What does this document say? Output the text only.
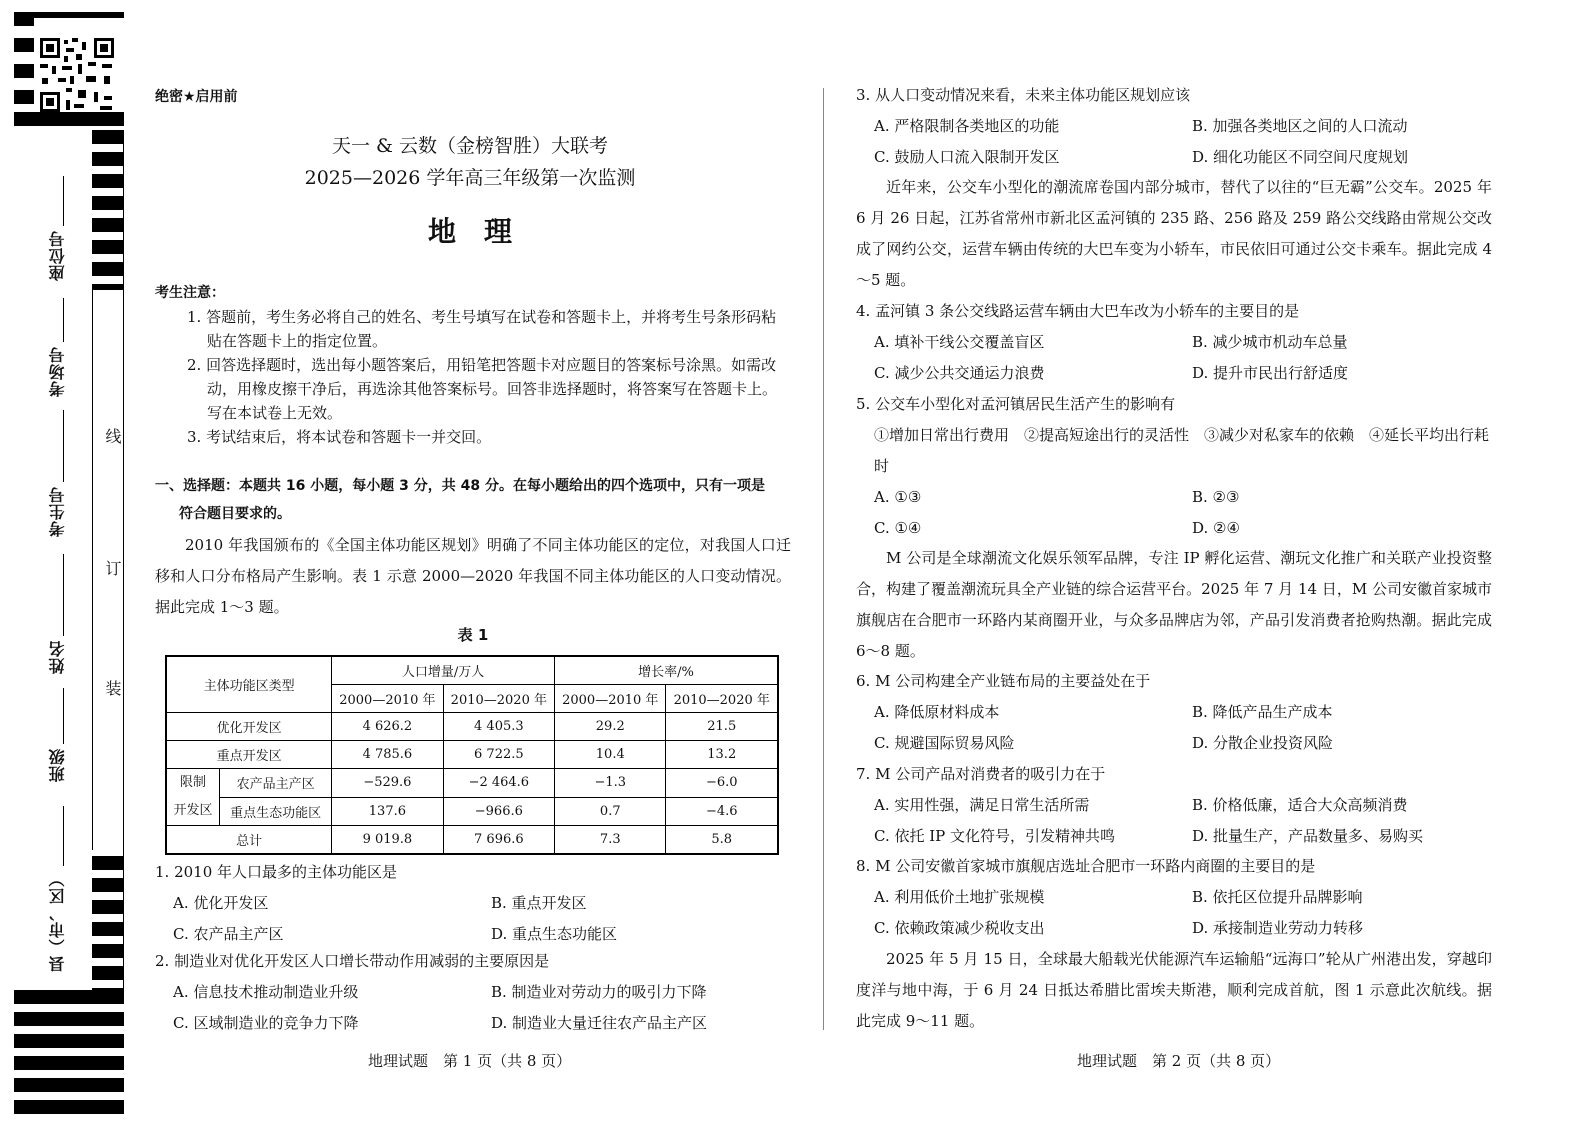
座位号
考场号
考生号
姓名
班级
县（市、区）
线
订
装
绝密★启用前
天一 & 云数（金榜智胜）大联考
2025—2026 学年高三年级第一次监测
地　理
考生注意：

1. 答题前，考生务必将自己的姓名、考生号填写在试卷和答题卡上，并将考生号条形码粘贴在答题卡上的指定位置。

2. 回答选择题时，选出每小题答案后，用铅笔把答题卡对应题目的答案标号涂黑。如需改动，用橡皮擦干净后，再选涂其他答案标号。回答非选择题时，将答案写在答题卡上。写在本试卷上无效。

3. 考试结束后，将本试卷和答题卡一并交回。

一、选择题：本题共 16 小题，每小题 3 分，共 48 分。在每小题给出的四个选项中，只有一项是
符合题目要求的。

2010 年我国颁布的《全国主体功能区规划》明确了不同主体功能区的定位，对我国人口迁移和人口分布格局产生影响。表 1 示意 2000—2020 年我国不同主体功能区的人口变动情况。据此完成 1～3 题。

表 1
主体功能区类型		人口增量/万人		增长率/%	
		2000—2010 年	2010—2020 年	2000—2010 年	2010—2020 年
优化开发区		4 626.2	4 405.3	29.2	21.5
重点开发区		4 785.6	6 722.5	10.4	13.2
限制
开发区	农产品主产区	−529.6	−2 464.6	−1.3	−6.0
	重点生态功能区	137.6	−966.6	0.7	−4.6
总计		9 019.8	7 696.6	7.3	5.8

1. 2010 年人口最多的主体功能区是

A. 优化开发区	B. 重点开发区
C. 农产品主产区	D. 重点生态功能区

2. 制造业对优化开发区人口增长带动作用减弱的主要原因是

A. 信息技术推动制造业升级	B. 制造业对劳动力的吸引力下降
C. 区域制造业的竞争力下降	D. 制造业大量迁往农产品主产区
地理试题　第 1 页（共 8 页）

3. 从人口变动情况来看，未来主体功能区规划应该

A. 严格限制各类地区的功能	B. 加强各类地区之间的人口流动
C. 鼓励人口流入限制开发区	D. 细化功能区不同空间尺度规划

近年来，公交车小型化的潮流席卷国内部分城市，替代了以往的“巨无霸”公交车。2025 年 6 月 26 日起，江苏省常州市新北区孟河镇的 235 路、256 路及 259 路公交线路由常规公交改成了网约公交，运营车辆由传统的大巴车变为小轿车，市民依旧可通过公交卡乘车。据此完成 4～5 题。

4. 孟河镇 3 条公交线路运营车辆由大巴车改为小轿车的主要目的是

A. 填补干线公交覆盖盲区	B. 减少城市机动车总量
C. 减少公共交通运力浪费	D. 提升市民出行舒适度

5. 公交车小型化对孟河镇居民生活产生的影响有

①增加日常出行费用　②提高短途出行的灵活性　③减少对私家车的依赖　④延长平均出行耗时

A. ①③	B. ②③
C. ①④	D. ②④

M 公司是全球潮流文化娱乐领军品牌，专注 IP 孵化运营、潮玩文化推广和关联产业投资整合，构建了覆盖潮流玩具全产业链的综合运营平台。2025 年 7 月 14 日，M 公司安徽首家城市旗舰店在合肥市一环路内某商圈开业，与众多品牌店为邻，产品引发消费者抢购热潮。据此完成 6～8 题。

6. M 公司构建全产业链布局的主要益处在于

A. 降低原材料成本	B. 降低产品生产成本
C. 规避国际贸易风险	D. 分散企业投资风险

7. M 公司产品对消费者的吸引力在于

A. 实用性强，满足日常生活所需	B. 价格低廉，适合大众高频消费
C. 依托 IP 文化符号，引发精神共鸣	D. 批量生产，产品数量多、易购买

8. M 公司安徽首家城市旗舰店选址合肥市一环路内商圈的主要目的是

A. 利用低价土地扩张规模	B. 依托区位提升品牌影响
C. 依赖政策减少税收支出	D. 承接制造业劳动力转移

2025 年 5 月 15 日，全球最大船载光伏能源汽车运输船“远海口”轮从广州港出发，穿越印度洋与地中海，于 6 月 24 日抵达希腊比雷埃夫斯港，顺利完成首航，图 1 示意此次航线。据此完成 9～11 题。

地理试题　第 2 页（共 8 页）
